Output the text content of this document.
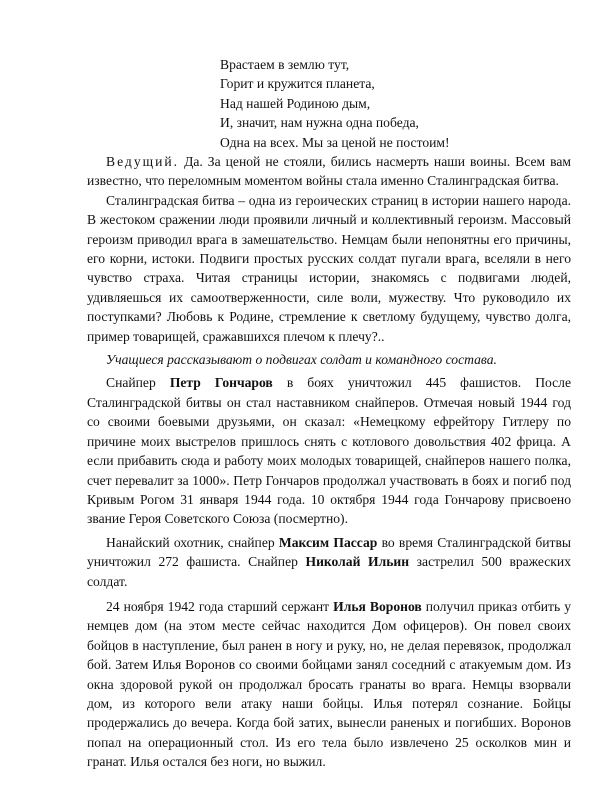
Врастаем в землю тут,
Горит и кружится планета,
Над нашей Родиною дым,
И, значит, нам нужна одна победа,
Одна на всех. Мы за ценой не постоим!

Ведущий. Да. За ценой не стояли, бились насмерть наши воины. Всем вам известно, что переломным моментом войны стала именно Сталинградская битва.

Сталинградская битва – одна из героических страниц в истории нашего народа. В жестоком сражении люди проявили личный и коллективный героизм. Массовый героизм приводил врага в замешательство. Немцам были непонятны его причины, его корни, истоки. Подвиги простых русских солдат пугали врага, вселяли в него чувство страха. Читая страницы истории, знакомясь с подвигами людей, удивляешься их самоотверженности, силе воли, мужеству. Что руководило их поступками? Любовь к Родине, стремление к светлому будущему, чувство долга, пример товарищей, сражавшихся плечом к плечу?..

Учащиеся рассказывают о подвигах солдат и командного состава.

Снайпер Петр Гончаров в боях уничтожил 445 фашистов. После Сталинградской битвы он стал наставником снайперов. Отмечая новый 1944 год со своими боевыми друзьями, он сказал: «Немецкому ефрейтору Гитлеру по причине моих выстрелов пришлось снять с котлового довольствия 402 фрица. А если прибавить сюда и работу моих молодых товарищей, снайперов нашего полка, счет перевалит за 1000». Петр Гончаров продолжал участвовать в боях и погиб под Кривым Рогом 31 января 1944 года. 10 октября 1944 года Гончарову присвоено звание Героя Советского Союза (посмертно).

Нанайский охотник, снайпер Максим Пассар во время Сталинградской битвы уничтожил 272 фашиста. Снайпер Николай Ильин застрелил 500 вражеских солдат.

24 ноября 1942 года старший сержант Илья Воронов получил приказ отбить у немцев дом (на этом месте сейчас находится Дом офицеров). Он повел своих бойцов в наступление, был ранен в ногу и руку, но, не делая перевязок, продолжал бой. Затем Илья Воронов со своими бойцами занял соседний с атакуемым дом. Из окна здоровой рукой он продолжал бросать гранаты во врага. Немцы взорвали дом, из которого вели атаку наши бойцы. Илья потерял сознание. Бойцы продержались до вечера. Когда бой затих, вынесли раненых и погибших. Воронов попал на операционный стол. Из его тела было извлечено 25 осколков мин и гранат. Илья остался без ноги, но выжил.
